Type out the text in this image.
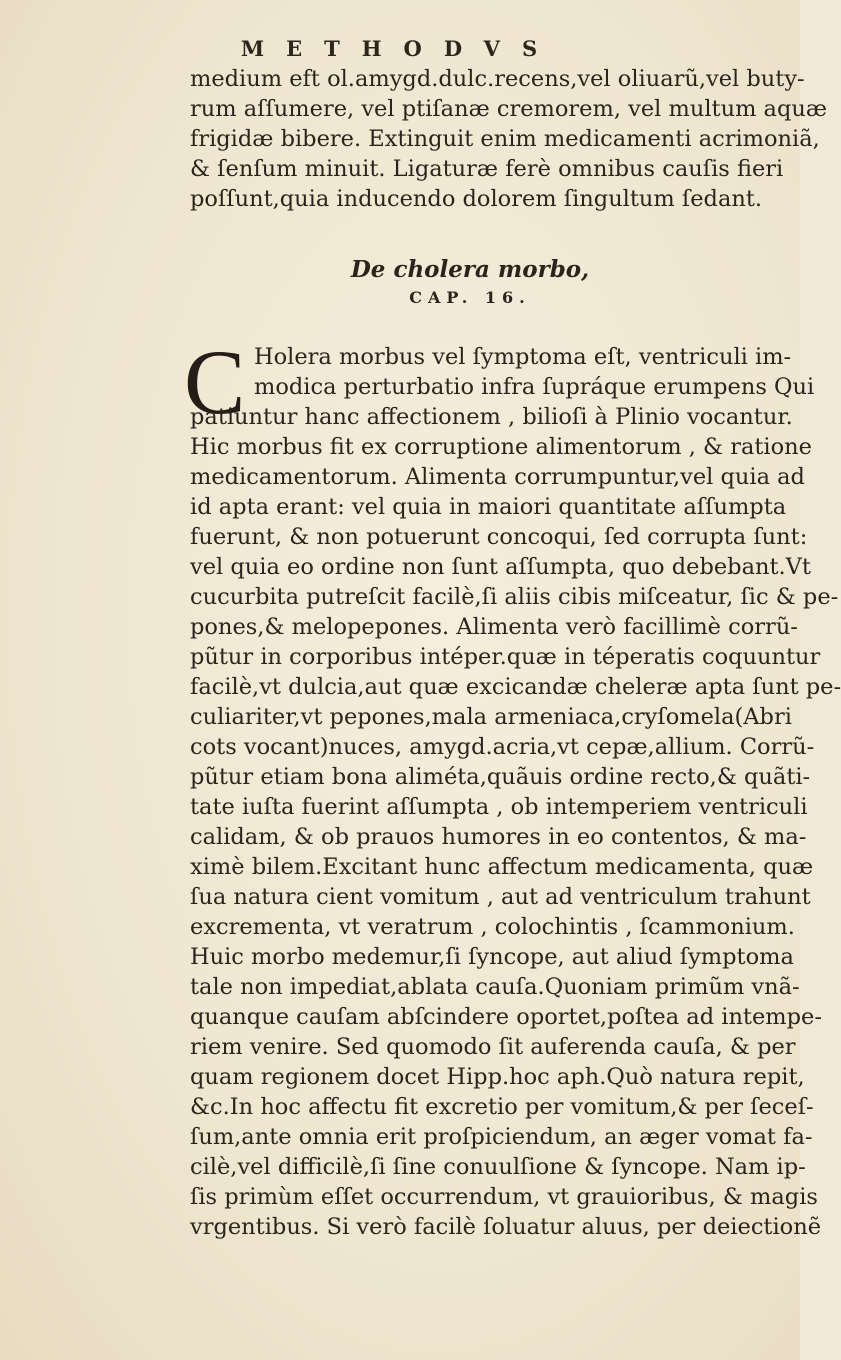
METHODVS
medium eft ol.amygd.dulc.recens,vel oliuarũ,vel buty-
rum aſſumere, vel ptiſanæ cremorem, vel multum aquæ
frigidæ bibere. Extinguit enim medicamenti acrimoniã,
& ſenſum minuit. Ligaturæ ferè omnibus cauſis fieri
poſſunt,quia inducendo dolorem ſingultum ſedant.
De cholera morbo,
CAP. 16.
C Holera morbus vel ſymptoma eſt, ventriculi im-
modica perturbatio infra ſupráque erumpens Qui
patiuntur hanc affectionem , bilioſi à Plinio vocantur.
Hic morbus fit ex corruptione alimentorum , & ratione
medicamentorum. Alimenta corrumpuntur,vel quia ad
id apta erant: vel quia in maiori quantitate aſſumpta
fuerunt, & non potuerunt concoqui, ſed corrupta ſunt:
vel quia eo ordine non ſunt aſſumpta, quo debebant.Vt
cucurbita putreſcit facilè,ſi aliis cibis miſceatur, ſic & pe-
pones,& melopepones. Alimenta verò facillimè corrũ-
pũtur in corporibus intéper.quæ in téperatis coquuntur
facilè,vt dulcia,aut quæ excicandæ cheleræ apta ſunt pe-
culiariter,vt pepones,mala armeniaca,cryſomela(Abri
cots vocant)nuces, amygd.acria,vt cepæ,allium. Corrũ-
pũtur etiam bona aliméta,quãuis ordine recto,& quãti-
tate iuſta fuerint aſſumpta , ob intemperiem ventriculi
calidam, & ob prauos humores in eo contentos, & ma-
ximè bilem.Excitant hunc affectum medicamenta, quæ
ſua natura cient vomitum , aut ad ventriculum trahunt
excrementa, vt veratrum , colochintis , ſcammonium.
Huic morbo medemur,ſi ſyncope, aut aliud ſymptoma
tale non impediat,ablata cauſa.Quoniam primũm vnã-
quanque cauſam abſcindere oportet,poſtea ad intempe-
riem venire. Sed quomodo ſit auferenda cauſa, & per
quam regionem docet Hipp.hoc aph.Quò natura repit,
&c.In hoc affectu fit excretio per vomitum,& per ſeceſ-
ſum,ante omnia erit proſpiciendum, an æger vomat fa-
cilè,vel difficilè,ſi ſine conuulſione & ſyncope. Nam ip-
ſis primùm eſſet occurrendum, vt grauioribus, & magis
vrgentibus. Si verò facilè ſoluatur aluus, per deiectionẽ
